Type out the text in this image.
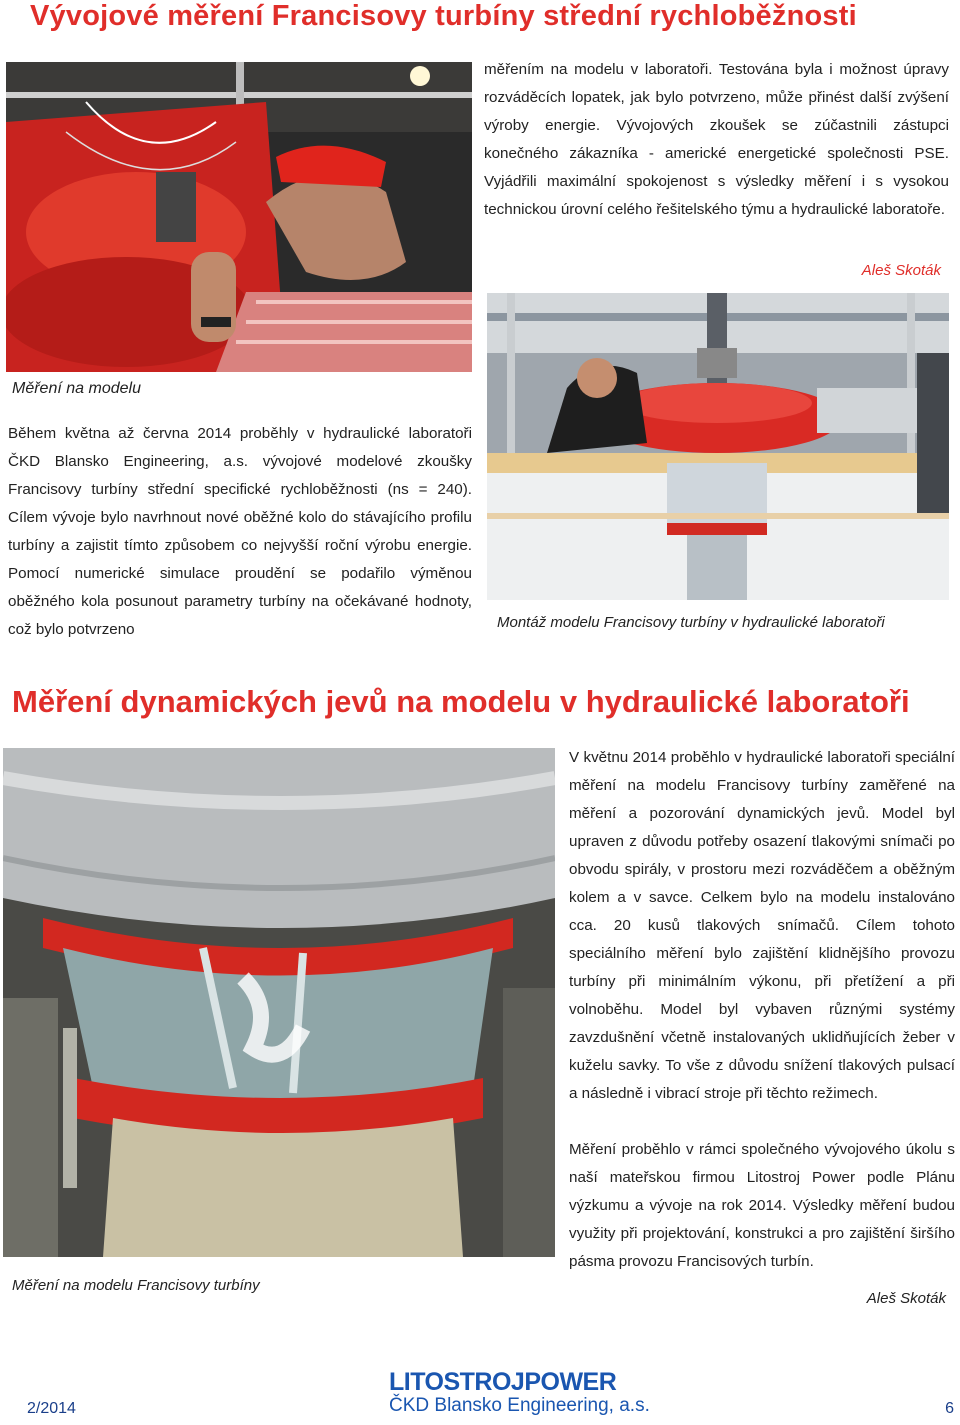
Vývojové měření Francisovy turbíny střední rychloběžnosti
Měření na modelu
Během května až června 2014 proběhly v hydraulické laboratoři ČKD Blansko Engineering, a.s. vývojové modelové zkoušky Francisovy turbíny střední specifické rychloběžnosti (ns = 240). Cílem vývoje bylo navrhnout nové oběžné kolo do stávajícího profilu turbíny a zajistit tímto způsobem co nejvyšší roční výrobu energie. Pomocí numerické simulace proudění se podařilo výměnou oběžného kola posunout parametry turbíny na očekávané hodnoty, což bylo potvrzeno
měřením na modelu v laboratoři. Testována byla i možnost úpravy rozváděcích lopatek, jak bylo potvrzeno, může přinést další zvýšení výroby energie. Vývojových zkoušek se zúčastnili zástupci konečného zákazníka - americké energetické společnosti PSE. Vyjádřili maximální spokojenost s výsledky měření i s vysokou technickou úrovní celého řešitelského týmu a hydraulické laboratoře.
Aleš Skoták
Montáž modelu Francisovy turbíny v hydraulické laboratoři
Měření dynamických jevů na modelu v hydraulické laboratoři
Měření na modelu Francisovy turbíny
V květnu 2014 proběhlo v hydraulické laboratoři speciální měření na modelu Francisovy turbíny zaměřené na měření a pozorování dynamických jevů. Model byl upraven z důvodu potřeby osazení tlakovými snímači po obvodu spirály, v prostoru mezi rozváděčem a oběžným kolem a v savce. Celkem bylo na modelu instalováno cca. 20 kusů tlakových snímačů. Cílem tohoto speciálního měření bylo zajištění klidnějšího provozu turbíny při minimálním výkonu, při přetížení a při volnoběhu. Model byl vybaven různými systémy zavzdušnění včetně instalovaných uklidňujících žeber v kuželu savky. To vše z důvodu snížení tlakových pulsací a následně i vibrací stroje při těchto režimech.
Měření proběhlo v rámci společného vývojového úkolu s naší mateřskou firmou Litostroj Power podle Plánu výzkumu a vývoje na rok 2014. Výsledky měření budou využity při projektování, konstrukci a pro zajištění širšího pásma provozu Francisových turbín.
Aleš Skoták
LITOSTROJPOWER
ČKD Blansko Engineering, a.s.
2/2014	6
